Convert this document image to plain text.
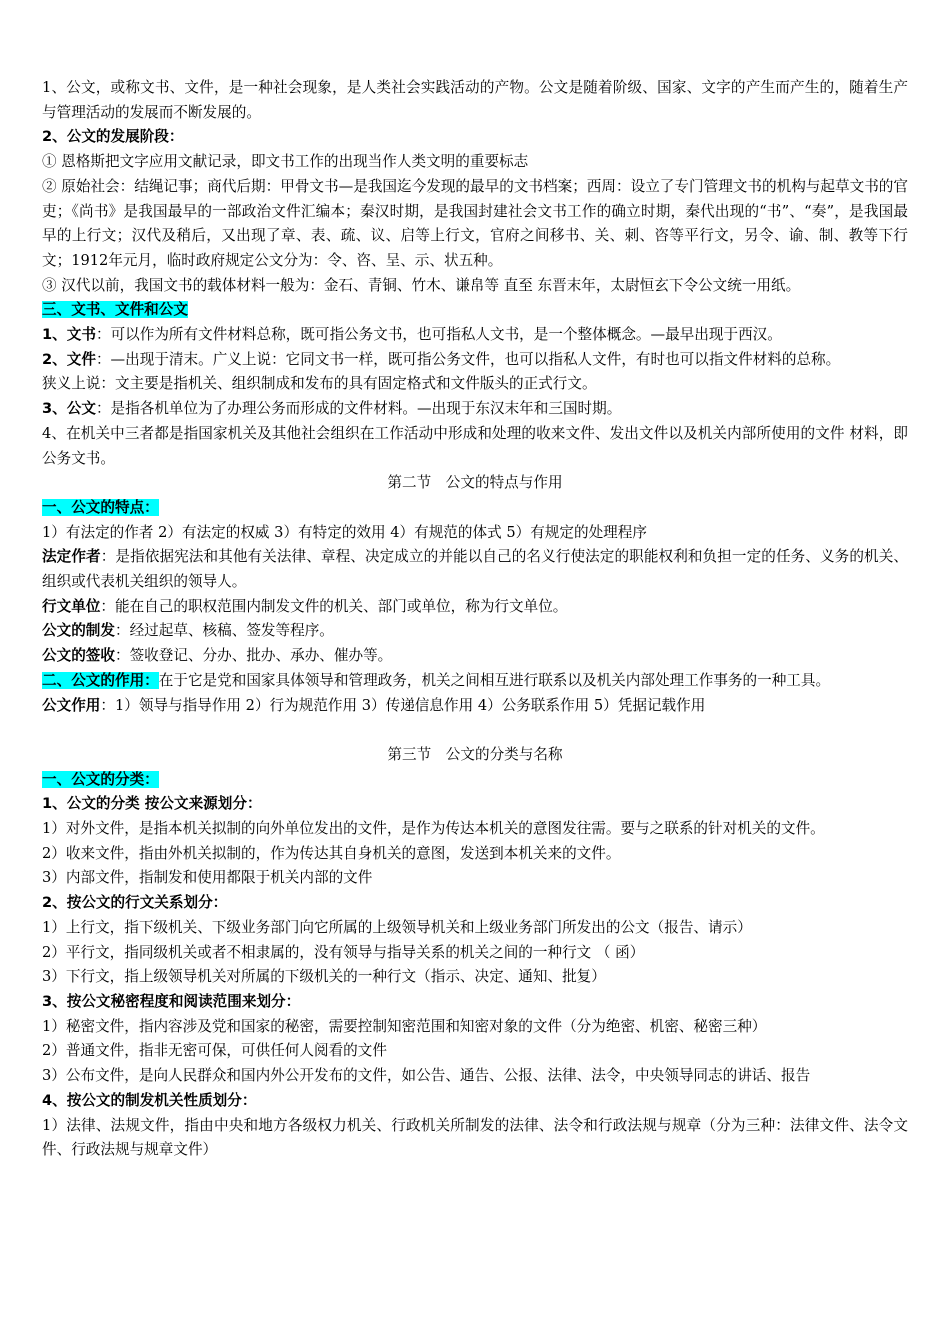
1、公文，或称文书、文件，是一种社会现象，是人类社会实践活动的产物。公文是随着阶级、国家、文字的产生而产生的，随着生产与管理活动的发展而不断发展的。

2、公文的发展阶段：

① 恩格斯把文字应用文献记录，即文书工作的出现当作人类文明的重要标志

② 原始社会：结绳记事；商代后期：甲骨文书—是我国迄今发现的最早的文书档案；西周：设立了专门管理文书的机构与起草文书的官吏；《尚书》是我国最早的一部政治文件汇编本；秦汉时期，是我国封建社会文书工作的确立时期，秦代出现的“书”、“奏”，是我国最早的上行文；汉代及稍后，又出现了章、表、疏、议、启等上行文，官府之间移书、关、刺、咨等平行文，另令、谕、制、教等下行文；1912年元月，临时政府规定公文分为：令、咨、呈、示、状五种。

③ 汉代以前，我国文书的载体材料一般为：金石、青铜、竹木、谦帛等 直至 东晋末年，太尉恒玄下令公文统一用纸。

三、文书、文件和公文

1、文书：可以作为所有文件材料总称，既可指公务文书，也可指私人文书，是一个整体概念。—最早出现于西汉。

2、文件：—出现于清末。广义上说：它同文书一样，既可指公务文件，也可以指私人文件，有时也可以指文件材料的总称。

狭义上说：文主要是指机关、组织制成和发布的具有固定格式和文件版头的正式行文。

3、公文：是指各机单位为了办理公务而形成的文件材料。—出现于东汉末年和三国时期。

4、在机关中三者都是指国家机关及其他社会组织在工作活动中形成和处理的收来文件、发出文件以及机关内部所使用的文件 材料，即公务文书。

第二节　公文的特点与作用

一、公文的特点：

1）有法定的作者 2）有法定的权威 3）有特定的效用 4）有规范的体式 5）有规定的处理程序

法定作者：是指依据宪法和其他有关法律、章程、决定成立的并能以自己的名义行使法定的职能权利和负担一定的任务、义务的机关、组织或代表机关组织的领导人。

行文单位：能在自己的职权范围内制发文件的机关、部门或单位，称为行文单位。

公文的制发：经过起草、核稿、签发等程序。

公文的签收：签收登记、分办、批办、承办、催办等。

二、公文的作用：在于它是党和国家具体领导和管理政务，机关之间相互进行联系以及机关内部处理工作事务的一种工具。

公文作用：1）领导与指导作用 2）行为规范作用 3）传递信息作用 4）公务联系作用 5）凭据记载作用

第三节　公文的分类与名称

一、公文的分类：

1、公文的分类 按公文来源划分：

1）对外文件，是指本机关拟制的向外单位发出的文件，是作为传达本机关的意图发往需。要与之联系的针对机关的文件。

2）收来文件，指由外机关拟制的，作为传达其自身机关的意图，发送到本机关来的文件。

3）内部文件，指制发和使用都限于机关内部的文件

2、按公文的行文关系划分：

1）上行文，指下级机关、下级业务部门向它所属的上级领导机关和上级业务部门所发出的公文（报告、请示）

2）平行文，指同级机关或者不相隶属的，没有领导与指导关系的机关之间的一种行文 （ 函）

3）下行文，指上级领导机关对所属的下级机关的一种行文（指示、决定、通知、批复）

3、按公文秘密程度和阅读范围来划分：

1）秘密文件，指内容涉及党和国家的秘密，需要控制知密范围和知密对象的文件（分为绝密、机密、秘密三种）

2）普通文件，指非无密可保，可供任何人阅看的文件

3）公布文件，是向人民群众和国内外公开发布的文件，如公告、通告、公报、法律、法令，中央领导同志的讲话、报告

4、按公文的制发机关性质划分：

1）法律、法规文件，指由中央和地方各级权力机关、行政机关所制发的法律、法令和行政法规与规章（分为三种：法律文件、法令文件、行政法规与规章文件）
